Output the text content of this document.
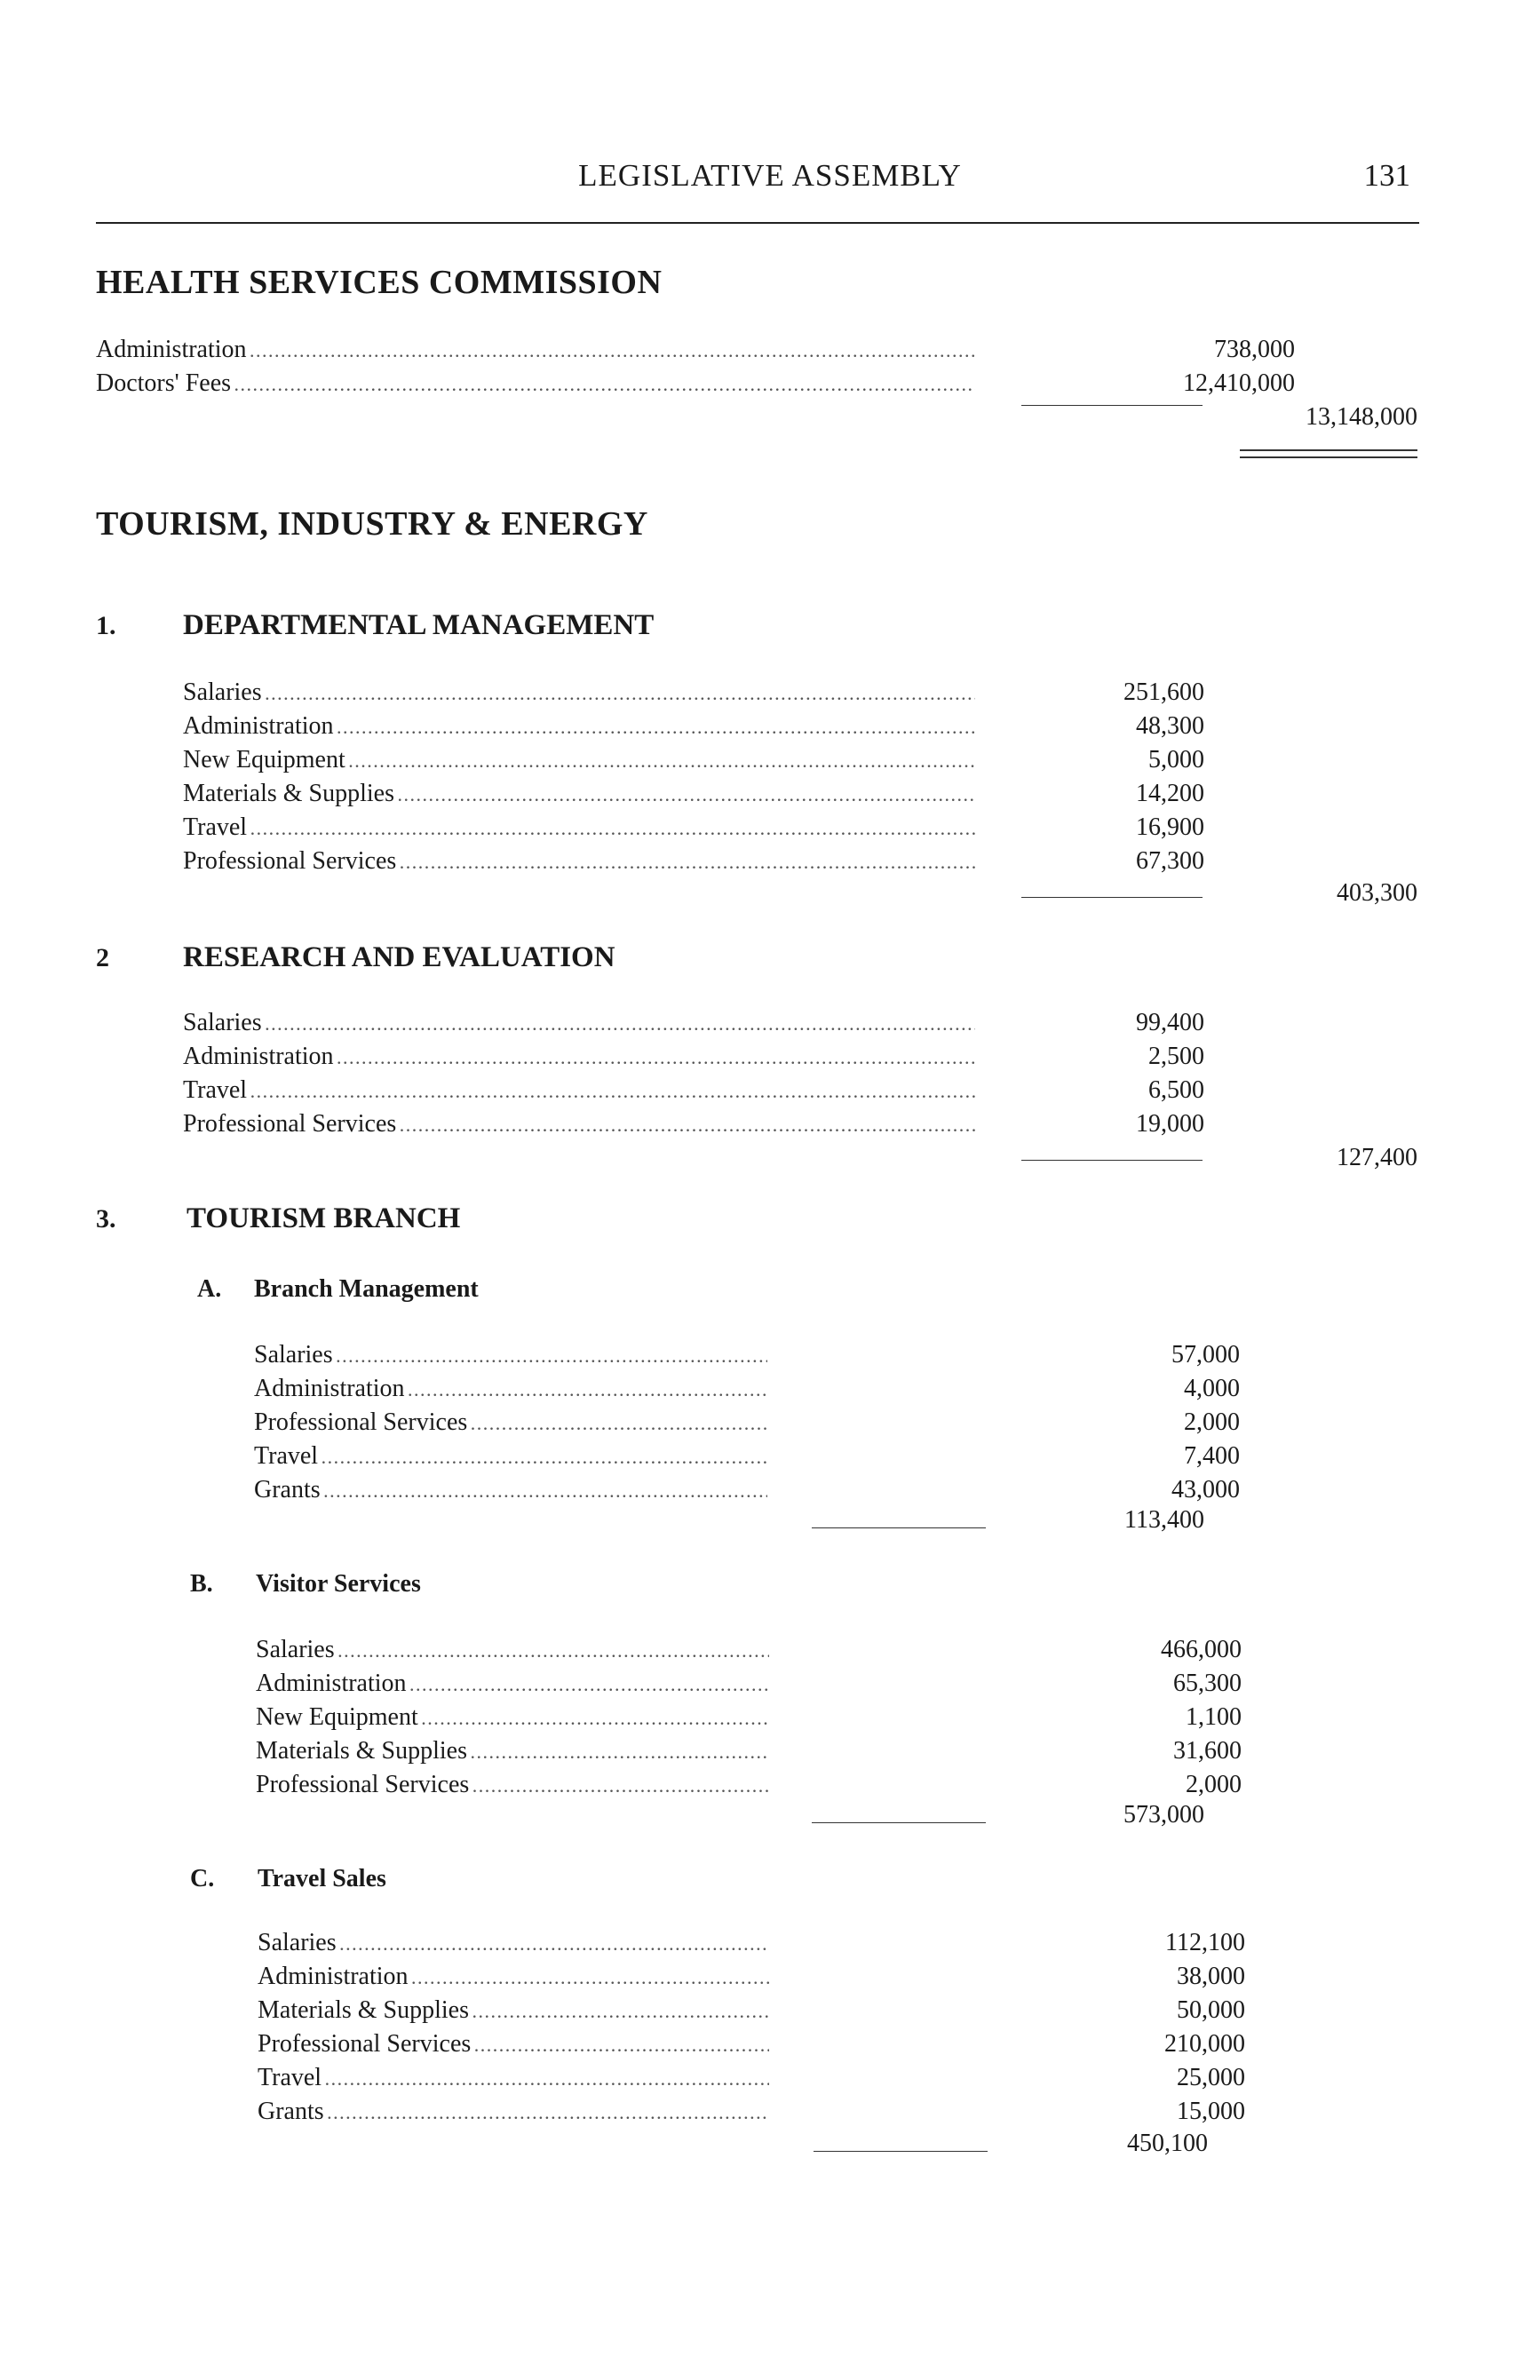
LEGISLATIVE ASSEMBLY	131
HEALTH SERVICES COMMISSION
Administration . . .	738,000
Doctors' Fees . . .	12,410,000
13,148,000
TOURISM, INDUSTRY & ENERGY
1. DEPARTMENTAL MANAGEMENT
Salaries . . .	251,600
Administration . . .	48,300
New Equipment . . .	5,000
Materials & Supplies . . .	14,200
Travel . . .	16,900
Professional Services . . .	67,300
403,300
2	RESEARCH AND EVALUATION
Salaries . . .	99,400
Administration . . .	2,500
Travel . . .	6,500
Professional Services . . .	19,000
127,400
3. TOURISM BRANCH
A. Branch Management
Salaries . . .	57,000
Administration . . .	4,000
Professional Services . . .	2,000
Travel . . .	7,400
Grants . . .	43,000
113,400
B. Visitor Services
Salaries . . .	466,000
Administration . . .	65,300
New Equipment . . .	1,100
Materials & Supplies . . .	31,600
Professional Services . . .	2,000
573,000
C. Travel Sales
Salaries . . .	112,100
Administration . . .	38,000
Materials & Supplies . . .	50,000
Professional Services . . .	210,000
Travel . . .	25,000
Grants . . .	15,000
450,100
